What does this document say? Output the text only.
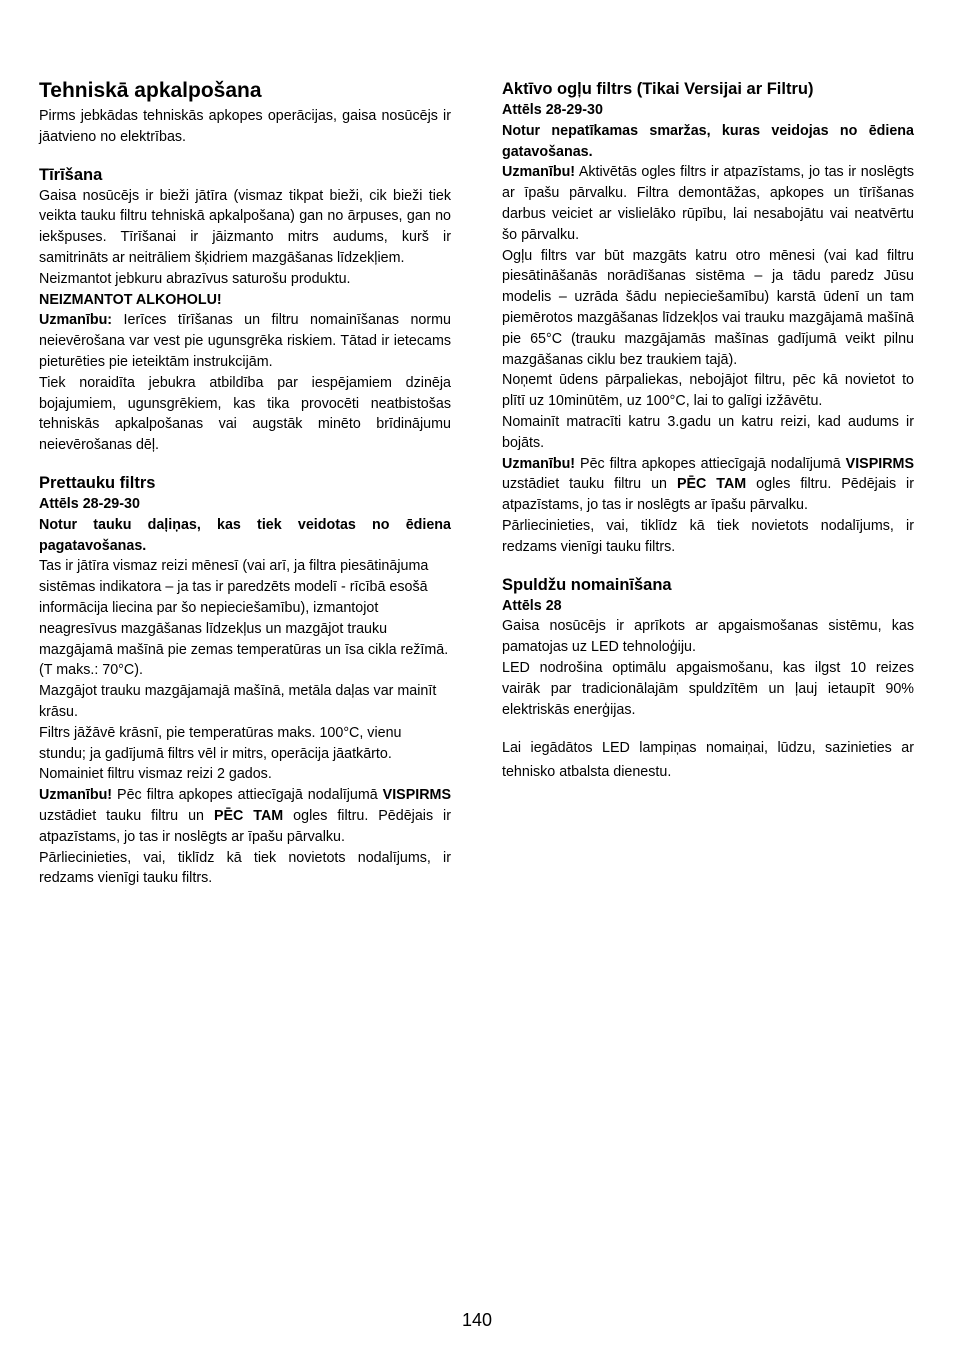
Tehniskā apkalpošana

Pirms jebkādas tehniskās apkopes operācijas, gaisa nosūcējs ir jāatvieno no elektrības.

Tīrīšana

Gaisa nosūcējs ir bieži jātīra (vismaz tikpat bieži, cik bieži tiek veikta tauku filtru tehniskā apkalpošana) gan no ārpuses, gan no iekšpuses. Tīrīšanai ir jāizmanto mitrs audums, kurš ir samitrināts ar neitrāliem šķidriem mazgāšanas līdzekļiem.

Neizmantot jebkuru abrazīvus saturošu produktu.

NEIZMANTOT ALKOHOLU!

Uzmanību: Ierīces tīrīšanas un filtru nomainīšanas normu neievērošana var vest pie ugunsgrēka riskiem. Tātad ir ietecams pieturēties pie ieteiktām instrukcijām.

Tiek noraidīta jebukra atbildība par iespējamiem dzinēja bojajumiem, ugunsgrēkiem, kas tika provocēti neatbistošas tehniskās apkalpošanas vai augstāk minēto brīdinājumu neievērošanas dēļ.

Prettauku filtrs

Attēls 28-29-30

Notur tauku daļiņas, kas tiek veidotas no ēdiena pagatavošanas.

Tas ir jātīra vismaz reizi mēnesī (vai arī, ja filtra piesātinājuma sistēmas indikatora – ja tas ir paredzēts modelī - rīcībā esošā informācija liecina par šo nepieciešamību), izmantojot neagresīvus mazgāšanas līdzekļus un mazgājot trauku mazgājamā mašīnā pie zemas temperatūras un īsa cikla režīmā. (T maks.: 70°C).

Mazgājot trauku mazgājamajā mašīnā, metāla daļas var mainīt krāsu.

Filtrs jāžāvē krāsnī, pie temperatūras maks. 100°C, vienu stundu; ja gadījumā filtrs vēl ir mitrs, operācija jāatkārto.

Nomainiet filtru vismaz reizi 2 gados.

Uzmanību! Pēc filtra apkopes attiecīgajā nodalījumā VISPIRMS uzstādiet tauku filtru un PĒC TAM ogles filtru. Pēdējais ir atpazīstams, jo tas ir noslēgts ar īpašu pārvalku.

Pārliecinieties, vai, tiklīdz kā tiek novietots nodalījums, ir redzams vienīgi tauku filtrs.

Aktīvo ogļu filtrs (Tikai Versijai ar Filtru)

Attēls 28-29-30

Notur nepatīkamas smaržas, kuras veidojas no ēdiena gatavošanas.

Uzmanību! Aktivētās ogles filtrs ir atpazīstams, jo tas ir noslēgts ar īpašu pārvalku. Filtra demontāžas, apkopes un tīrīšanas darbus veiciet ar vislielāko rūpību, lai nesabojātu vai neatvērtu šo pārvalku.

Ogļu filtrs var būt mazgāts katru otro mēnesi (vai kad filtru piesātināšanās norādīšanas sistēma – ja tādu paredz Jūsu modelis – uzrāda šādu nepieciešamību) karstā ūdenī un tam piemērotos mazgāšanas līdzekļos vai trauku mazgājamā mašīnā pie 65°C (trauku mazgājamās mašīnas gadījumā veikt pilnu mazgāšanas ciklu bez traukiem tajā).

Noņemt ūdens pārpaliekas, nebojājot filtru, pēc kā novietot to plītī uz 10minūtēm, uz 100°C, lai to galīgi izžāvētu.

Nomainīt matracīti katru 3.gadu un katru reizi, kad audums ir bojāts.

Uzmanību! Pēc filtra apkopes attiecīgajā nodalījumā VISPIRMS uzstādiet tauku filtru un PĒC TAM ogles filtru. Pēdējais ir atpazīstams, jo tas ir noslēgts ar īpašu pārvalku.

Pārliecinieties, vai, tiklīdz kā tiek novietots nodalījums, ir redzams vienīgi tauku filtrs.

Spuldžu nomainīšana

Attēls 28

Gaisa nosūcējs ir aprīkots ar apgaismošanas sistēmu, kas pamatojas uz LED tehnoloģiju.

LED nodrošina optimālu apgaismošanu, kas ilgst 10 reizes vairāk par tradicionālajām spuldzītēm un ļauj ietaupīt 90% elektriskās enerģijas.

Lai iegādātos LED lampiņas nomaiņai, lūdzu, sazinieties ar tehnisko atbalsta dienestu.

140
